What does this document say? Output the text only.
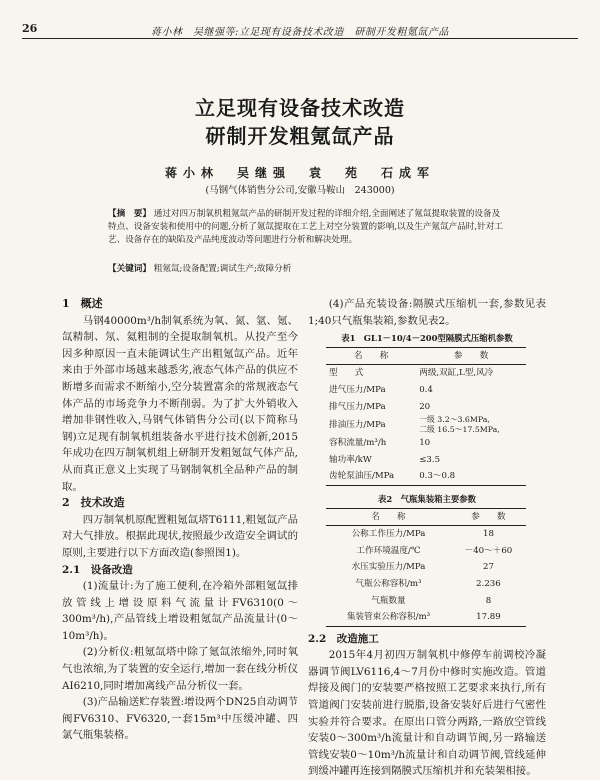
26	蒋小林　吴继强等:立足现有设备技术改造　研制开发粗氪氙产品
立足现有设备技术改造
研制开发粗氪氙产品
蒋小林　吴继强　袁　苑　石成军
(马钢气体销售分公司,安徽马鞍山　243000)
【摘　要】 通过对四万制氧机粗氪氙产品的研制开发过程的详细介绍,全面阐述了氪氙提取装置的设备及特点、设备安装和使用中的问题,分析了氪氙提取在工艺上对空分装置的影响,以及生产氪氙产品时,针对工艺、设备存在的缺陷及产品纯度波动等问题进行分析和解决处理。
【关键词】 粗氪氙;设备配置;调试生产;故障分析

1　概述

马钢40000m³/h制氧系统为氧、氮、氩、氪、氙精制、氖、氦粗制的全提取制氧机。从投产至今因多种原因一直未能调试生产出粗氪氙产品。近年来由于外部市场越来越悉劣,液态气体产品的供应不断增多而需求不断缩小,空分装置富余的常规液态气体产品的市场竞争力不断削弱。为了扩大外销收入增加非钢性收入,马钢气体销售分公司(以下简称马钢)立足现有制氧机组装备水平进行技术创新,2015年成功在四万制氧机组上研制开发粗氪氙气体产品,从而真正意义上实现了马钢制氧机全品种产品的制取。

2　技术改造

四万制氧机原配置粗氪氙塔T6111,粗氪氙产品对大气排放。根据此现状,按照最少改造安全调试的原则,主要进行以下方面改造(参照图1)。

2.1　设备改造

(1)流量计:为了施工便利,在冷箱外部粗氪氙排放管线上增设原料气流量计FV6310(0～300m³/h),产品管线上增设粗氪氙产品流量计(0～10m³/h)。

(2)分析仪:粗氪氙塔中除了氪氙浓缩外,同时氧气也浓缩,为了装置的安全运行,增加一套在线分析仪AI6210,同时增加离线产品分析仪一套。

(3)产品输送贮存装置:增设两个DN25自动调节阀FV6310、FV6320,一套15m³中压缓冲罐、四氯气瓶集装格。

(4)产品充装设备:隔膜式压缩机一套,参数见表1;40只气瓶集装箱,参数见表2。

表1　GL1－10/4－200型隔膜式压缩机参数
名　　称	参　　数
型　　式	两级,双缸,L型,风冷
进气压力/MPa	0.4
排气压力/MPa	20
排油压力/MPa	一级 3.2～3.6MPa,
二级 16.5～17.5MPa,
容积流量/m³/h	10
轴功率/kW	≤3.5
齿轮泵油压/MPa	0.3～0.8
表2　气瓶集装箱主要参数
名　　称	参　　数
公称工作压力/MPa	18
工作环境温度/℃	－40～＋60
水压实验压力/MPa	27
气瓶公称容积/m³	2.236
气瓶数量	8
集装管束公称容积/m³	17.89

2.2　改造施工

2015年4月初四万制氧机中修停车前调校冷凝器调节阀LV6116,4～7月份中修时实施改造。管道焊接及阀门的安装要严格按照工艺要求来执行,所有管道阀门安装前进行脱脂,设备安装好后进行气密性实验并符合要求。在原出口管分两路,一路放空管线安装0～300m³/h流量计和自动调节阀,另一路输送管线安装0～10m³/h流量计和自动调节阀,管线延伸到缓冲罐再连接到隔膜式压缩机并和充装架相接。
